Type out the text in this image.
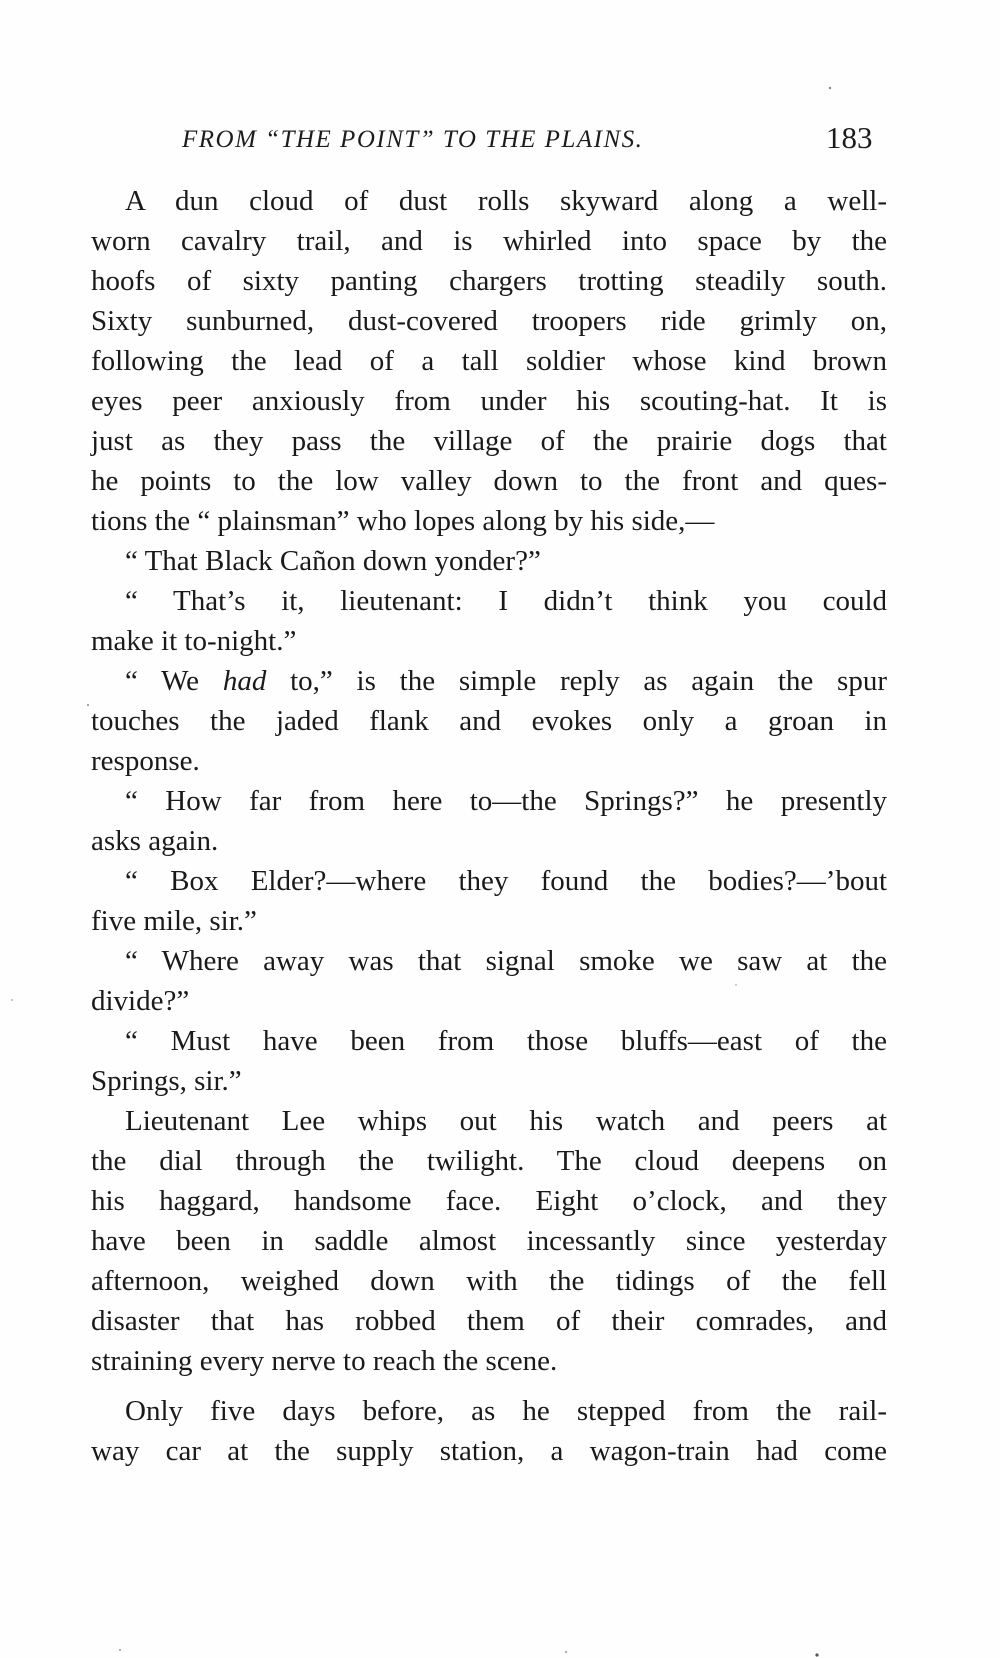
FROM “THE POINT” TO THE PLAINS.	183
A dun cloud of dust rolls skyward along a well-
worn cavalry trail, and is whirled into space by the
hoofs of sixty panting chargers trotting steadily south.
Sixty sunburned, dust-covered troopers ride grimly on,
following the lead of a tall soldier whose kind brown
eyes peer anxiously from under his scouting-hat. It is
just as they pass the village of the prairie dogs that
he points to the low valley down to the front and ques-
tions the “ plainsman” who lopes along by his side,—
“ That Black Cañon down yonder?”
“ That’s it, lieutenant: I didn’t think you could
make it to-night.”
“ We had to,” is the simple reply as again the spur
touches the jaded flank and evokes only a groan in
response.
“ How far from here to—the Springs?” he presently
asks again.
“ Box Elder?—where they found the bodies?—’bout
five mile, sir.”
“ Where away was that signal smoke we saw at the
divide?”
“ Must have been from those bluffs—east of the
Springs, sir.”
Lieutenant Lee whips out his watch and peers at
the dial through the twilight. The cloud deepens on
his haggard, handsome face. Eight o’clock, and they
have been in saddle almost incessantly since yesterday
afternoon, weighed down with the tidings of the fell
disaster that has robbed them of their comrades, and
straining every nerve to reach the scene.
Only five days before, as he stepped from the rail-
way car at the supply station, a wagon-train had come
